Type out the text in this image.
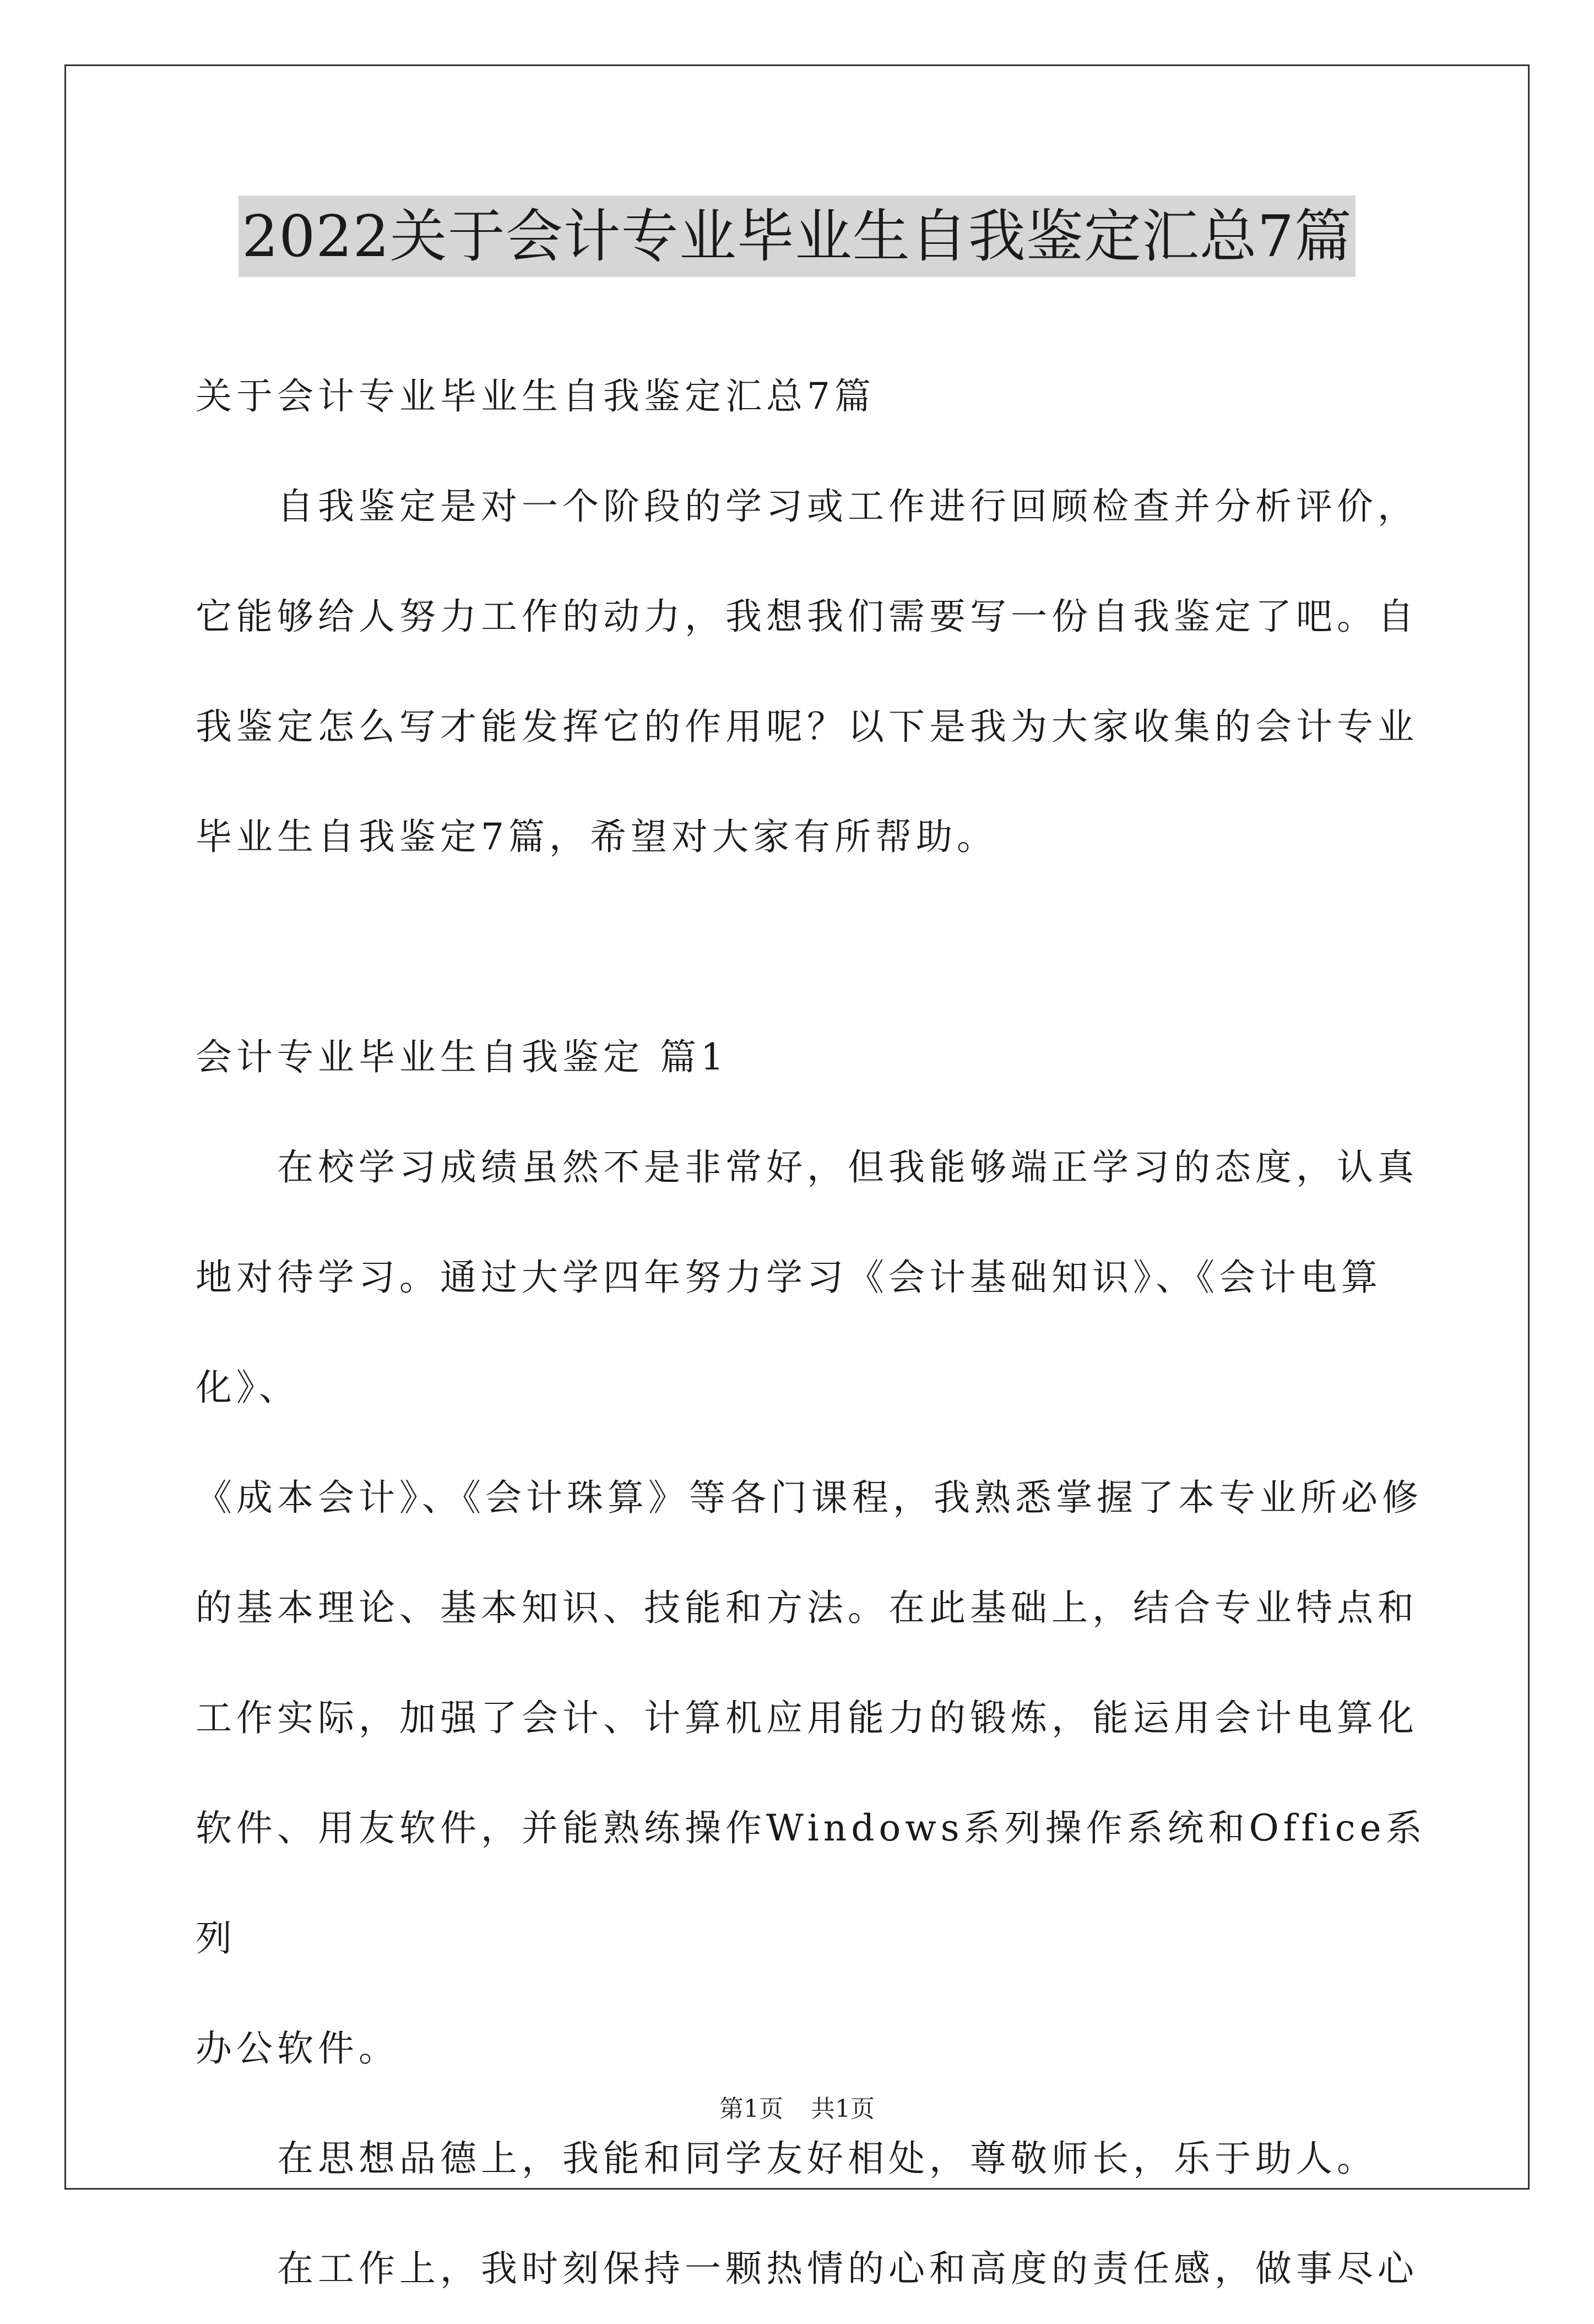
2022关于会计专业毕业生自我鉴定汇总7篇

关于会计专业毕业生自我鉴定汇总7篇

自我鉴定是对一个阶段的学习或工作进行回顾检查并分析评价，

它能够给人努力工作的动力，我想我们需要写一份自我鉴定了吧。自

我鉴定怎么写才能发挥它的作用呢？以下是我为大家收集的会计专业

毕业生自我鉴定7篇，希望对大家有所帮助。

会计专业毕业生自我鉴定 篇1

在校学习成绩虽然不是非常好，但我能够端正学习的态度，认真

地对待学习。通过大学四年努力学习《会计基础知识》、《会计电算化》、

《成本会计》、《会计珠算》等各门课程，我熟悉掌握了本专业所必修

的基本理论、基本知识、技能和方法。在此基础上，结合专业特点和

工作实际，加强了会计、计算机应用能力的锻炼，能运用会计电算化

软件、用友软件，并能熟练操作Windows系列操作系统和Office系列

办公软件。

在思想品德上，我能和同学友好相处，尊敬师长，乐于助人。

在工作上，我时刻保持一颗热情的心和高度的责任感，做事尽心

第1页 共1页
